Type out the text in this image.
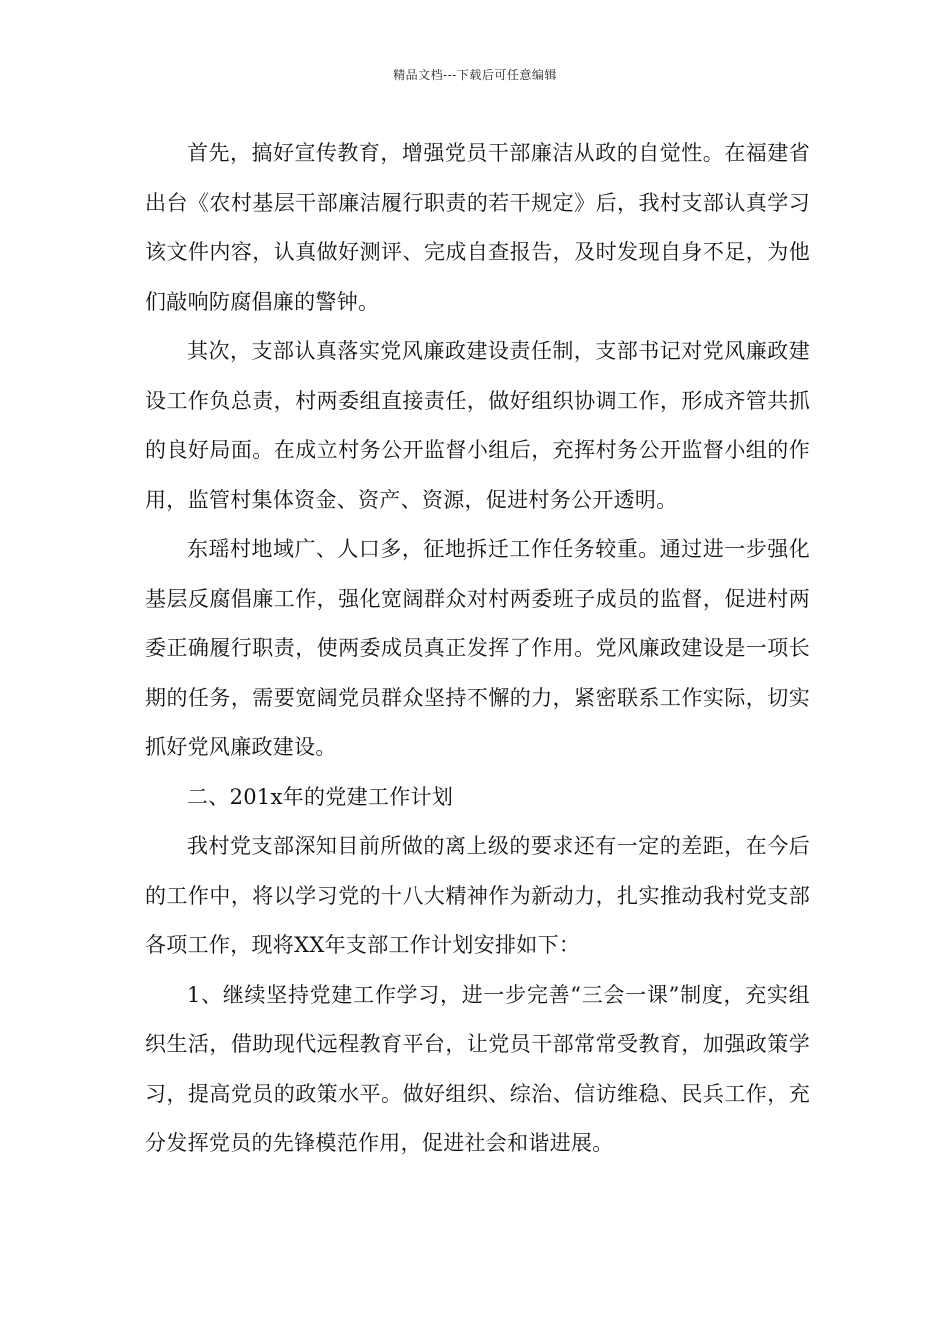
精品文档---下载后可任意编辑

首先，搞好宣传教育，增强党员干部廉洁从政的自觉性。在福建省出台《农村基层干部廉洁履行职责的若干规定》后，我村支部认真学习该文件内容，认真做好测评、完成自查报告，及时发现自身不足，为他们敲响防腐倡廉的警钟。

其次，支部认真落实党风廉政建设责任制，支部书记对党风廉政建设工作负总责，村两委组直接责任，做好组织协调工作，形成齐管共抓的良好局面。在成立村务公开监督小组后，充挥村务公开监督小组的作用，监管村集体资金、资产、资源，促进村务公开透明。

东瑶村地域广、人口多，征地拆迁工作任务较重。通过进一步强化基层反腐倡廉工作，强化宽阔群众对村两委班子成员的监督，促进村两委正确履行职责，使两委成员真正发挥了作用。党风廉政建设是一项长期的任务，需要宽阔党员群众坚持不懈的力，紧密联系工作实际，切实抓好党风廉政建设。

二、201x年的党建工作计划

我村党支部深知目前所做的离上级的要求还有一定的差距，在今后的工作中，将以学习党的十八大精神作为新动力，扎实推动我村党支部各项工作，现将XX年支部工作计划安排如下：

1、继续坚持党建工作学习，进一步完善“三会一课”制度，充实组织生活，借助现代远程教育平台，让党员干部常常受教育，加强政策学习，提高党员的政策水平。做好组织、综治、信访维稳、民兵工作，充分发挥党员的先锋模范作用，促进社会和谐进展。
